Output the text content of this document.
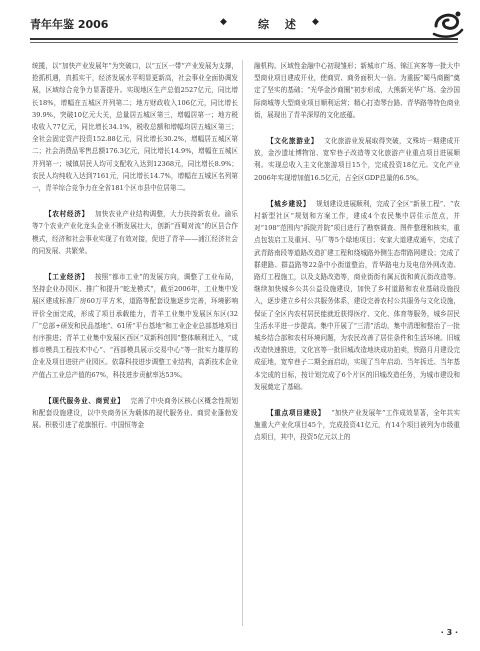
青年年鉴 2006	◆	综 述 ◆

统揽，以“加快产业发展年”为突破口，以“五区一带”产业发展为支撑，抢抓机遇，真抓实干，经济发展水平明显更新高，社会事业全面协调发展，区域综合竞争力显著提升。实现地区生产总值2527亿元，同比增长18%，增幅在五城区并列第二；地方财政收入106亿元，同比增长39.9%，突破10亿元大关，总量居五城区第三，增幅居第一；地方税收收入77亿元，同比增长34.1%，税收总额和增幅均居五城区第三；全社会固定资产投资152.88亿元，同比增长30.2%，增幅居五城区第二；社会消费品零售总额176.3亿元，同比增长14.9%，增幅在五城区并列第一；城镇居民人均可支配收入达到12368元，同比增长8.9%；农民人均纯收入达到7161元，同比增长14.7%，增幅在五城区名列第一，青羊综合竞争力在全省181个区市县中位居第二。

【农村经济】 加快农业产业结构调整，大力扶持新农业。渝乐等7个农业产业化龙头企业不断发展壮大，创新“西蜀对流”的区县合作模式，经济和社会事业实现了有效对接，促进了青羊——浦江经济社会的同发展、共繁荣。

【工业经济】 按照“都市工业”的发展方向，调整了工业布局，坚持企业办园区、推广和提升“蛇龙模式”，截至2006年，工业集中发展区建成标准厂房60万平方米，道路等配套设施逐步完善，环境影响评价全面完成，形成了项目承载能力，青羊工业集中发展区东区(32厂“总部+研发和民品基地”、61所“平台基地”和工业企业总部基地项目有序推进；青羊工业集中发展区西区“双新科创园”整体顺利迁入，“成都市模具工程技术中心”、“西部模具展示交易中心”等一批实力雄厚的企业及项目进驻产业园区。依靠科技进步调整工业结构，高新技术企业产值占工业总产值的67%，科技进步贡献率达53%。

【现代服务业、商贸业】 完善了中央商务区核心区概念性规划和配套设施建设，以中央商务区为载体的现代服务业、商贸业蓬勃发展。积极引进了花旗银行、中国恒等金

融机构。区域性金融中心初现雏形；新城市广场、锦江宾客等一批大中型商业项目建成开业，使商贸、商务面积大一倍。为重振“蜀马商圈”奠定了坚实的基础；“光华金沙商圈”初步形成，大熊新光华广场、金沙国际商城等大型商业项目顺利运营；精心打造琴台路、青华路等特色商业街，展现出了青羊深厚的文化底蕴。

【文化旅游业】 文化旅游业发展取得突破，文殊坊一期建成开放，金沙遗址博物馆、宽窄巷子改造等文化旅游产业重点项目进展顺利。实现总收入主文化旅游项目15个，完成投资18亿元。文化产业2006年实现增加值16.5亿元，占全区GDP总量的6.5%。

【城乡建设】 规划建设进展顺利，完成了全区“新景工程”、“农村新型社区”规划和方案工作，建成4个农民集中居住示范点，并对“198”范围内“拆院并院”项目进行了勘察调查、图件整理和核实，重点包装启工及重河、马厂等5个绿地项目；安家大道建成通车，完成了武青路南段等道路改造扩建工程和绕城路外侧生态带路网建设；完成了群建路、群益路等22条中小街道整治，青华路电力及电信外网改造、路灯工程施工，以及支路改造等，商业街街有属瓦街和黄瓦街改造等。继续加快城乡公共公益设施建设，加快了乡村道路和农业基础设施投入，逐步建立乡村公共服务体系，建设完善农村公共服务与文化设施，保证了全区内农村居民能就近获得医疗、文化、体育等服务，城乡居民生活水平进一步提高。集中开展了“三清”活动，集中清理和整治了一批城乡结合部和农村环境问题，为农民改善了居住条件和生活环境。旧城改造快速推进，文化宫等一批旧城改造地块成功拍卖，铁路月月建设完成征地，宽窄巷子二期全面启动，实现了当年启动、当年拆迁、当年基本完成的目标，按计划完成了6个片区的旧城改造任务，为城市建设和发展奠定了基础。

【重点项目建设】 “加快产业发展年”工作成效显著，全年共实施重大产业化项目45个，完成投资41亿元，有14个项目被列为市级重点项目，其中，投资5亿元以上的

· 3 ·
